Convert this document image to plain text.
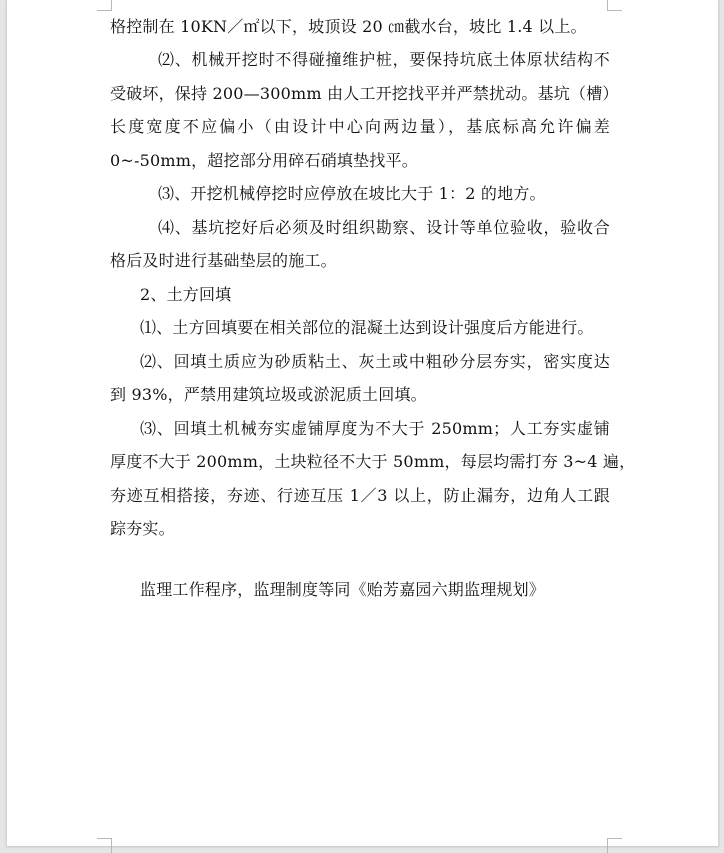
格控制在 10KN／㎡以下，坡顶设 20 ㎝截水台，坡比 1.4 以上。
⑵、机械开挖时不得碰撞维护桩，要保持坑底土体原状结构不
受破坏，保持 200—300mm 由人工开挖找平并严禁扰动。基坑（槽）
长度宽度不应偏小（由设计中心向两边量），基底标高允许偏差
0~-50mm，超挖部分用碎石硝填垫找平。
⑶、开挖机械停挖时应停放在坡比大于 1：2 的地方。
⑷、基坑挖好后必须及时组织勘察、设计等单位验收，验收合
格后及时进行基础垫层的施工。
2、土方回填
⑴、土方回填要在相关部位的混凝土达到设计强度后方能进行。
⑵、回填土质应为砂质粘土、灰土或中粗砂分层夯实，密实度达
到 93%，严禁用建筑垃圾或淤泥质土回填。
⑶、回填土机械夯实虚铺厚度为不大于 250mm；人工夯实虚铺
厚度不大于 200mm，土块粒径不大于 50mm，每层均需打夯 3~4 遍，
夯迹互相搭接，夯迹、行迹互压 1／3 以上，防止漏夯，边角人工跟
踪夯实。
监理工作程序，监理制度等同《贻芳嘉园六期监理规划》
